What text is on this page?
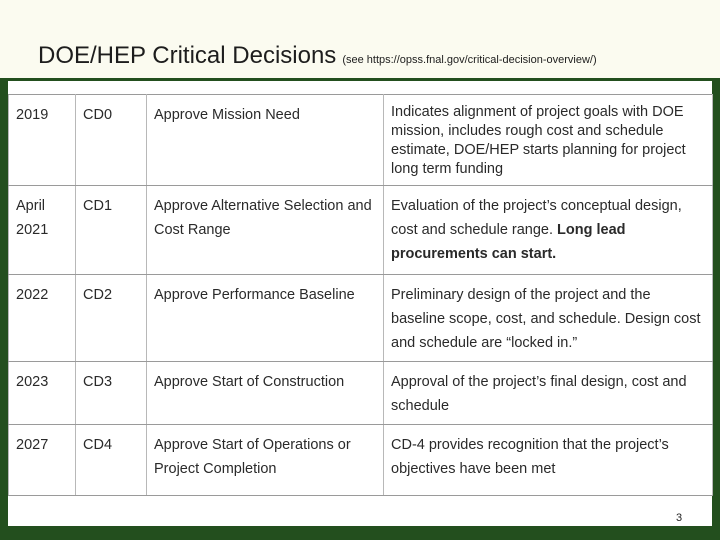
DOE/HEP Critical Decisions (see https://opss.fnal.gov/critical-decision-overview/)
2019	CD0	Approve Mission Need	Indicates alignment of project goals with DOE mission, includes rough cost and schedule estimate, DOE/HEP starts planning for project long term funding
April 2021	CD1	Approve Alternative Selection and Cost Range	Evaluation of the project’s conceptual design, cost and schedule range. Long lead procurements can start.
2022	CD2	Approve Performance Baseline	Preliminary design of the project and the baseline scope, cost, and schedule. Design cost and schedule are “locked in.”
2023	CD3	Approve Start of Construction	Approval of the project’s final design, cost and schedule
2027	CD4	Approve Start of Operations or Project Completion	CD-4 provides recognition that the project’s objectives have been met
3
